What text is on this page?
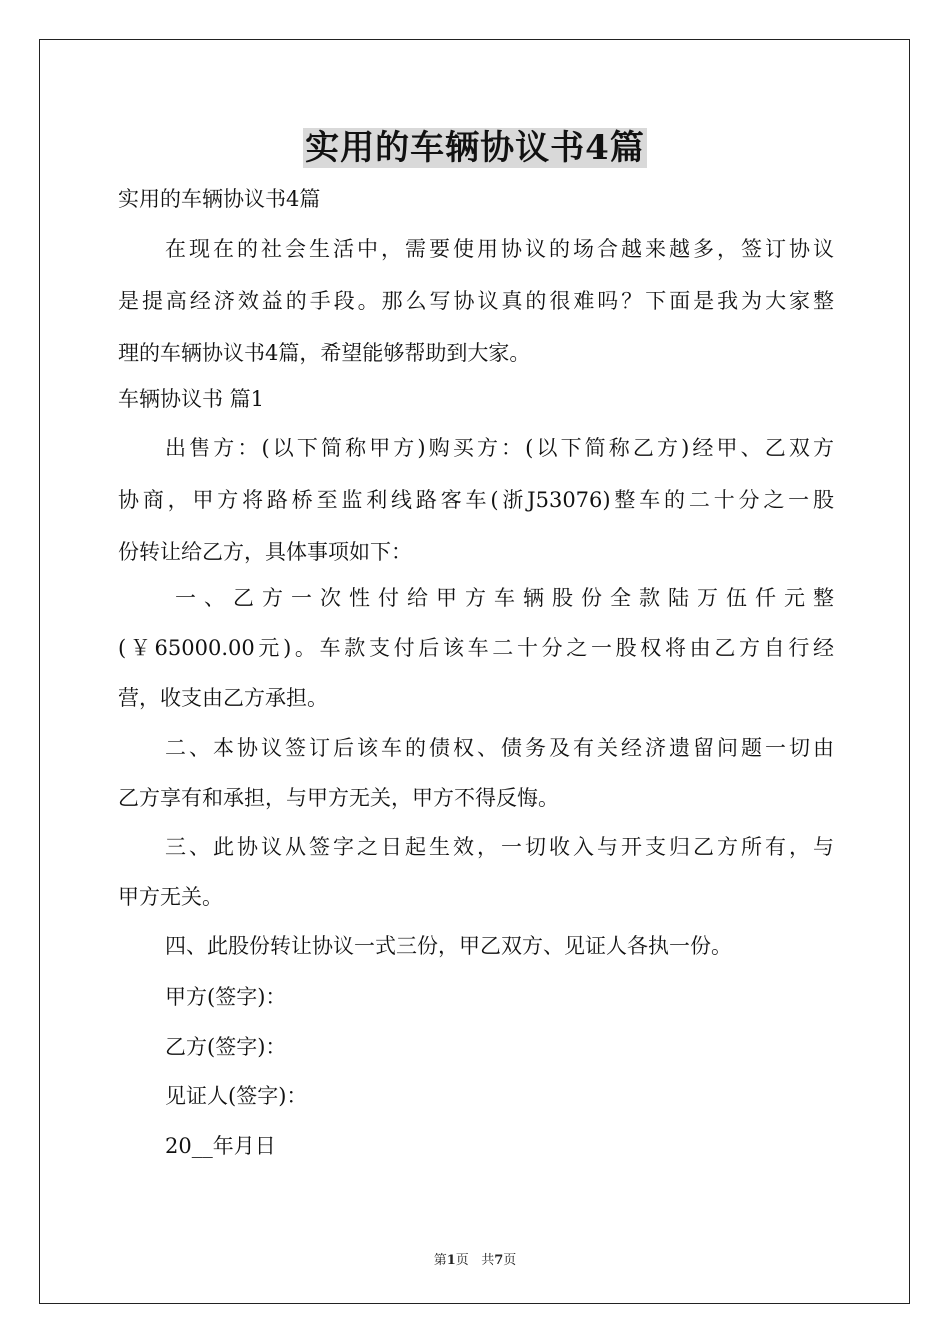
实用的车辆协议书4篇
实用的车辆协议书4篇
在现在的社会生活中，需要使用协议的场合越来越多，签订协议
是提高经济效益的手段。那么写协议真的很难吗？下面是我为大家整
理的车辆协议书4篇，希望能够帮助到大家。
车辆协议书 篇1
出售方：(以下简称甲方)购买方：(以下简称乙方)经甲、乙双方
协商，甲方将路桥至监利线路客车(浙J53076)整车的二十分之一股
份转让给乙方，具体事项如下：
一、乙方一次性付给甲方车辆股份全款陆万伍仟元整
(￥65000.00元)。车款支付后该车二十分之一股权将由乙方自行经
营，收支由乙方承担。
二、本协议签订后该车的债权、债务及有关经济遗留问题一切由
乙方享有和承担，与甲方无关，甲方不得反悔。
三、此协议从签字之日起生效，一切收入与开支归乙方所有，与
甲方无关。
四、此股份转让协议一式三份，甲乙双方、见证人各执一份。
甲方(签字)：
乙方(签字)：
见证人(签字)：
20__年月日
第1页   共7页
